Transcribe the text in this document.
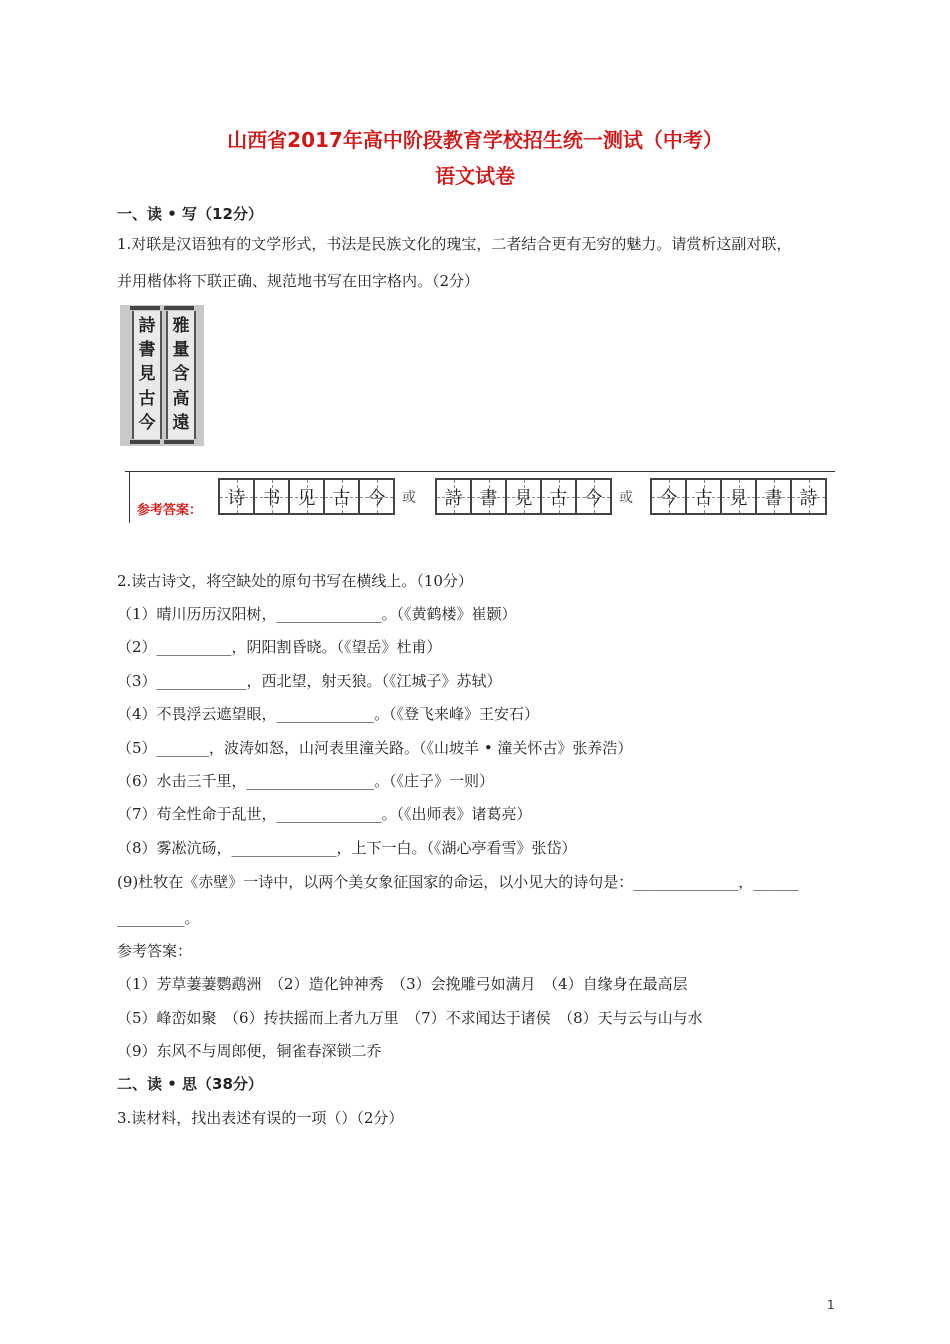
山西省2017年高中阶段教育学校招生统一测试（中考）
语文试卷
一、读 • 写（12分）
1.对联是汉语独有的文学形式，书法是民族文化的瑰宝，二者结合更有无穷的魅力。请赏析这副对联，
并用楷体将下联正确、规范地书写在田字格内。（2分）
詩
書
見
古
今
雅
量
含
高
遠
参考答案：
诗 书 见 古 今 或 詩 書 見 古 今 或 今 古 見 書 詩
2.读古诗文，将空缺处的原句书写在横线上。（10分）
（1）晴川历历汉阳树，______________。（《黄鹤楼》崔颢）
（2）__________，阴阳割昏晓。（《望岳》杜甫）
（3）____________，西北望，射天狼。（《江城子》苏轼）
（4）不畏浮云遮望眼，_____________。（《登飞来峰》王安石）
（5）_______，波涛如怒，山河表里潼关路。（《山坡羊 • 潼关怀古》张养浩）
（6）水击三千里，_________________。（《庄子》一则）
（7）苟全性命于乱世，______________。（《出师表》诸葛亮）
（8）雾凇沆砀，______________，上下一白。（《湖心亭看雪》张岱）
(9)杜牧在《赤壁》一诗中，以两个美女象征国家的命运，以小见大的诗句是：______________，______
_________。
参考答案：
（1）芳草萋萋鹦鹉洲　（2）造化钟神秀　（3）会挽雕弓如满月　（4）自缘身在最高层
（5）峰峦如聚　（6）抟扶摇而上者九万里　（7）不求闻达于诸侯　（8）天与云与山与水
（9）东风不与周郎便，铜雀春深锁二乔
二、读 • 思（38分）
3.读材料，找出表述有误的一项（）（2分）
1
